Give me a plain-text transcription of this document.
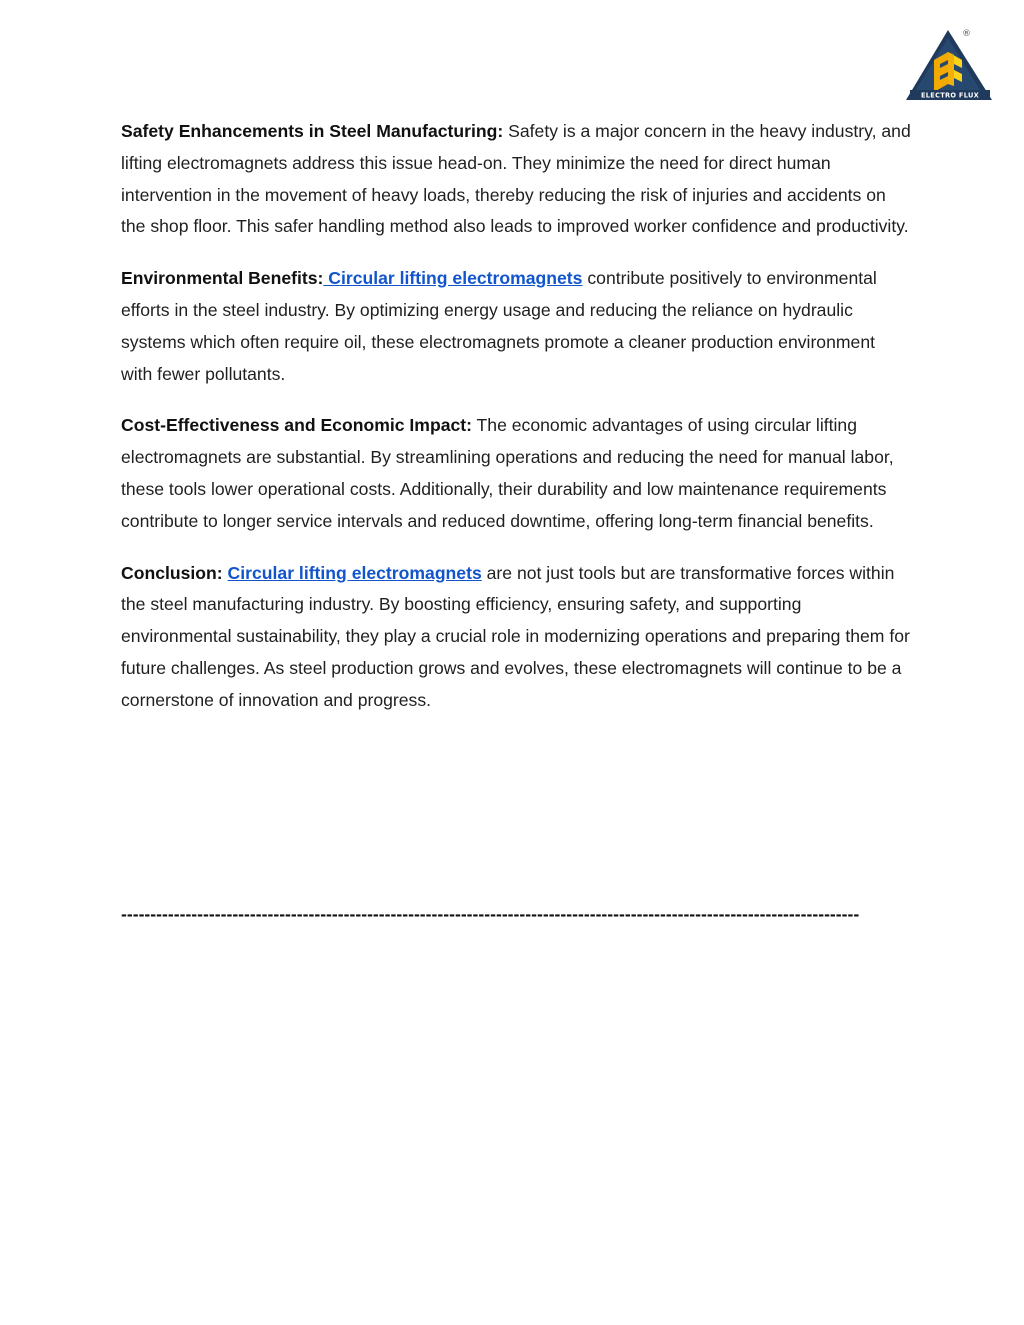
ELECTRO FLUX
®

Safety Enhancements in Steel Manufacturing: Safety is a major concern in the heavy industry, and lifting electromagnets address this issue head-on. They minimize the need for direct human intervention in the movement of heavy loads, thereby reducing the risk of injuries and accidents on the shop floor. This safer handling method also leads to improved worker confidence and productivity.

Environmental Benefits: Circular lifting electromagnets contribute positively to environmental efforts in the steel industry. By optimizing energy usage and reducing the reliance on hydraulic systems which often require oil, these electromagnets promote a cleaner production environment with fewer pollutants.

Cost-Effectiveness and Economic Impact: The economic advantages of using circular lifting electromagnets are substantial. By streamlining operations and reducing the need for manual labor, these tools lower operational costs. Additionally, their durability and low maintenance requirements contribute to longer service intervals and reduced downtime, offering long-term financial benefits.

Conclusion: Circular lifting electromagnets are not just tools but are transformative forces within the steel manufacturing industry. By boosting efficiency, ensuring safety, and supporting environmental sustainability, they play a crucial role in modernizing operations and preparing them for future challenges. As steel production grows and evolves, these electromagnets will continue to be a cornerstone of innovation and progress.

------------------------------------------------------------------------------------------------------------------------------
